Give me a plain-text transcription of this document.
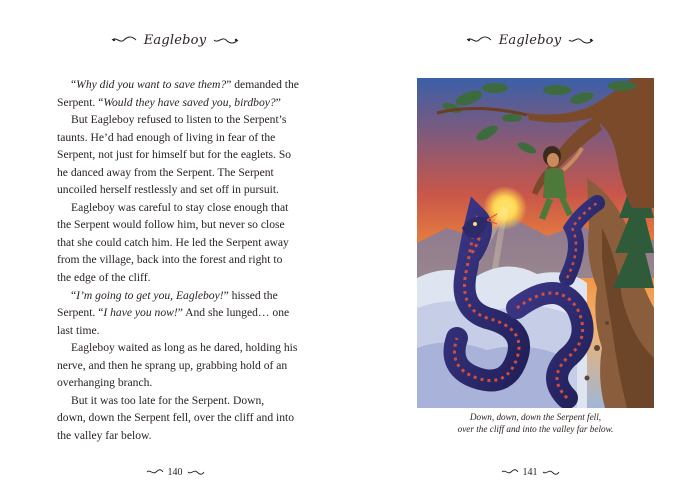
Eagleboy

“Why did you want to save them?” demanded the

Serpent. “Would they have saved you, birdboy?”

But Eagleboy refused to listen to the Serpent’s

taunts. He’d had enough of living in fear of the
Serpent, not just for himself but for the eaglets. So
he danced away from the Serpent. The Serpent
uncoiled herself restlessly and set off in pursuit.

Eagleboy was careful to stay close enough that

the Serpent would follow him, but never so close
that she could catch him. He led the Serpent away
from the village, back into the forest and right to
the edge of the cliff.

“I’m going to get you, Eagleboy!” hissed the

Serpent. “I have you now!” And she lunged… one
last time.

Eagleboy waited as long as he dared, holding his

nerve, and then he sprang up, grabbing hold of an
overhanging branch.

But it was too late for the Serpent. Down,

down, down the Serpent fell, over the cliff and into
the valley far below.

140
Eagleboy
Down, down, down the Serpent fell,
over the cliff and into the valley far below.
141
